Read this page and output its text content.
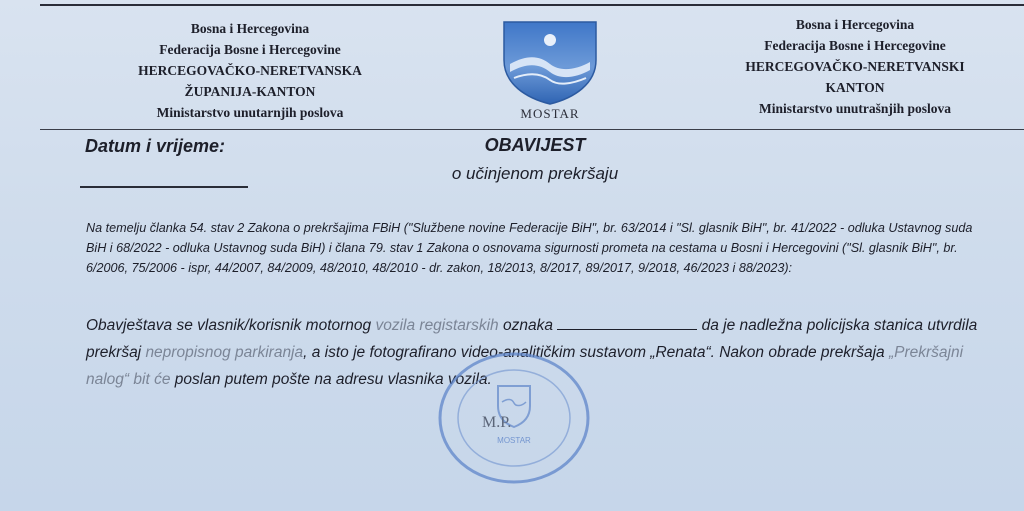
Bosna i Hercegovina
Federacija Bosne i Hercegovine
HERCEGOVAČKO-NERETVANSKA
ŽUPANIJA-KANTON
Ministarstvo unutarnjih poslova	MOSTAR
Bosna i Hercegovina
Federacija Bosne i Hercegovine
HERCEGOVAČKO-NERETVANSKI
KANTON
Ministarstvo unutrašnjih poslova
Datum i vrijeme:	OBAVIJEST
o učinjenom prekršaju
Na temelju članka 54. stav 2 Zakona o prekršajima FBiH ("Službene novine Federacije BiH", br. 63/2014 i "Sl. glasnik BiH", br. 41/2022 - odluka Ustavnog suda BiH i 68/2022 - odluka Ustavnog suda BiH) i člana 79. stav 1 Zakona o osnovama sigurnosti prometa na cestama u Bosni i Hercegovini ("Sl. glasnik BiH", br. 6/2006, 75/2006 - ispr, 44/2007, 84/2009, 48/2010, 48/2010 - dr. zakon, 18/2013, 8/2017, 89/2017, 9/2018, 46/2023 i 88/2023):
Obavještava se vlasnik/korisnik motornog vozila registarskih oznaka	da je nadležna policijska stanica utvrdila prekršaj nepropisnog parkiranja, a isto je fotografirano video-analitičkim sustavom „Renata“. Nakon obrade prekršaja „Prekršajni nalog“ bit će poslan putem pošte na adresu vlasnika vozila.
MOSTAR
M.P.
